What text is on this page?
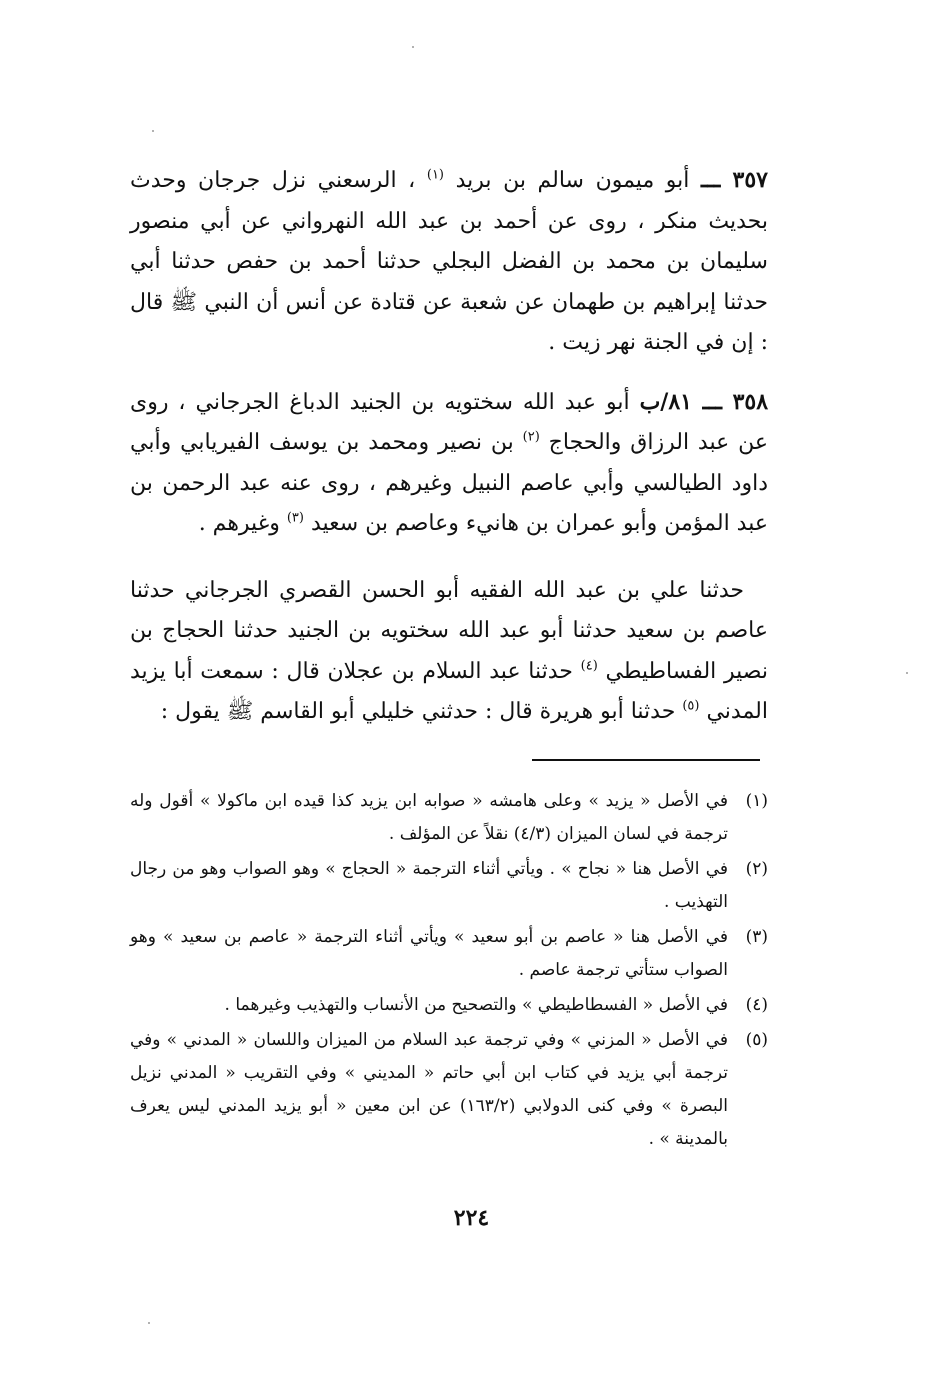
٣٥٧ ـــ أبو ميمون سالم بن بريد $^{(١)}$ ، الرسعني نزل جرجان وحدث بحديث منكر ، روى عن أحمد بن عبد الله النهرواني عن أبي منصور سليمان بن محمد بن الفضل البجلي حدثنا أحمد بن حفص حدثنا أبي حدثنا إبراهيم بن طهمان عن شعبة عن قتادة عن أنس أن النبي ﷺ قال : إن في الجنة نهر زيت .

٣٥٨ ـــ ٨١/ب أبو عبد الله سختويه بن الجنيد الدباغ الجرجاني ، روى عن عبد الرزاق والحجاج $^{(٢)}$ بن نصير ومحمد بن يوسف الفيريابي وأبي داود الطيالسي وأبي عاصم النبيل وغيرهم ، روى عنه عبد الرحمن بن عبد المؤمن وأبو عمران بن هانيء وعاصم بن سعيد $^{(٣)}$ وغيرهم .

حدثنا علي بن عبد الله الفقيه أبو الحسن القصري الجرجاني حدثنا عاصم بن سعيد حدثنا أبو عبد الله سختويه بن الجنيد حدثنا الحجاج بن نصير الفساطيطي $^{(٤)}$ حدثنا عبد السلام بن عجلان قال : سمعت أبا يزيد المدني $^{(٥)}$ حدثنا أبو هريرة قال : حدثني خليلي أبو القاسم ﷺ يقول :

(١)
في الأصل « يزيد » وعلى هامشه « صوابه ابن يزيد كذا قيده ابن ماكولا » أقول وله ترجمة في لسان الميزان (٤/٣) نقلاً عن المؤلف .
(٢)
في الأصل هنا « نجاح » . ويأتي أثناء الترجمة « الحجاج » وهو الصواب وهو من رجال التهذيب .
(٣)
في الأصل هنا « عاصم بن أبو سعيد » ويأتي أثناء الترجمة « عاصم بن سعيد » وهو الصواب ستأتي ترجمة عاصم .
(٤)
في الأصل « الفسطاطيطي » والتصحيح من الأنساب والتهذيب وغيرهما .
(٥)
في الأصل « المزني » وفي ترجمة عبد السلام من الميزان واللسان « المدني » وفي ترجمة أبي يزيد في كتاب ابن أبي حاتم « المديني » وفي التقريب « المدني نزيل البصرة » وفي كنى الدولابي (١٦٣/٢) عن ابن معين « أبو يزيد المدني ليس يعرف بالمدينة » .
٢٢٤
